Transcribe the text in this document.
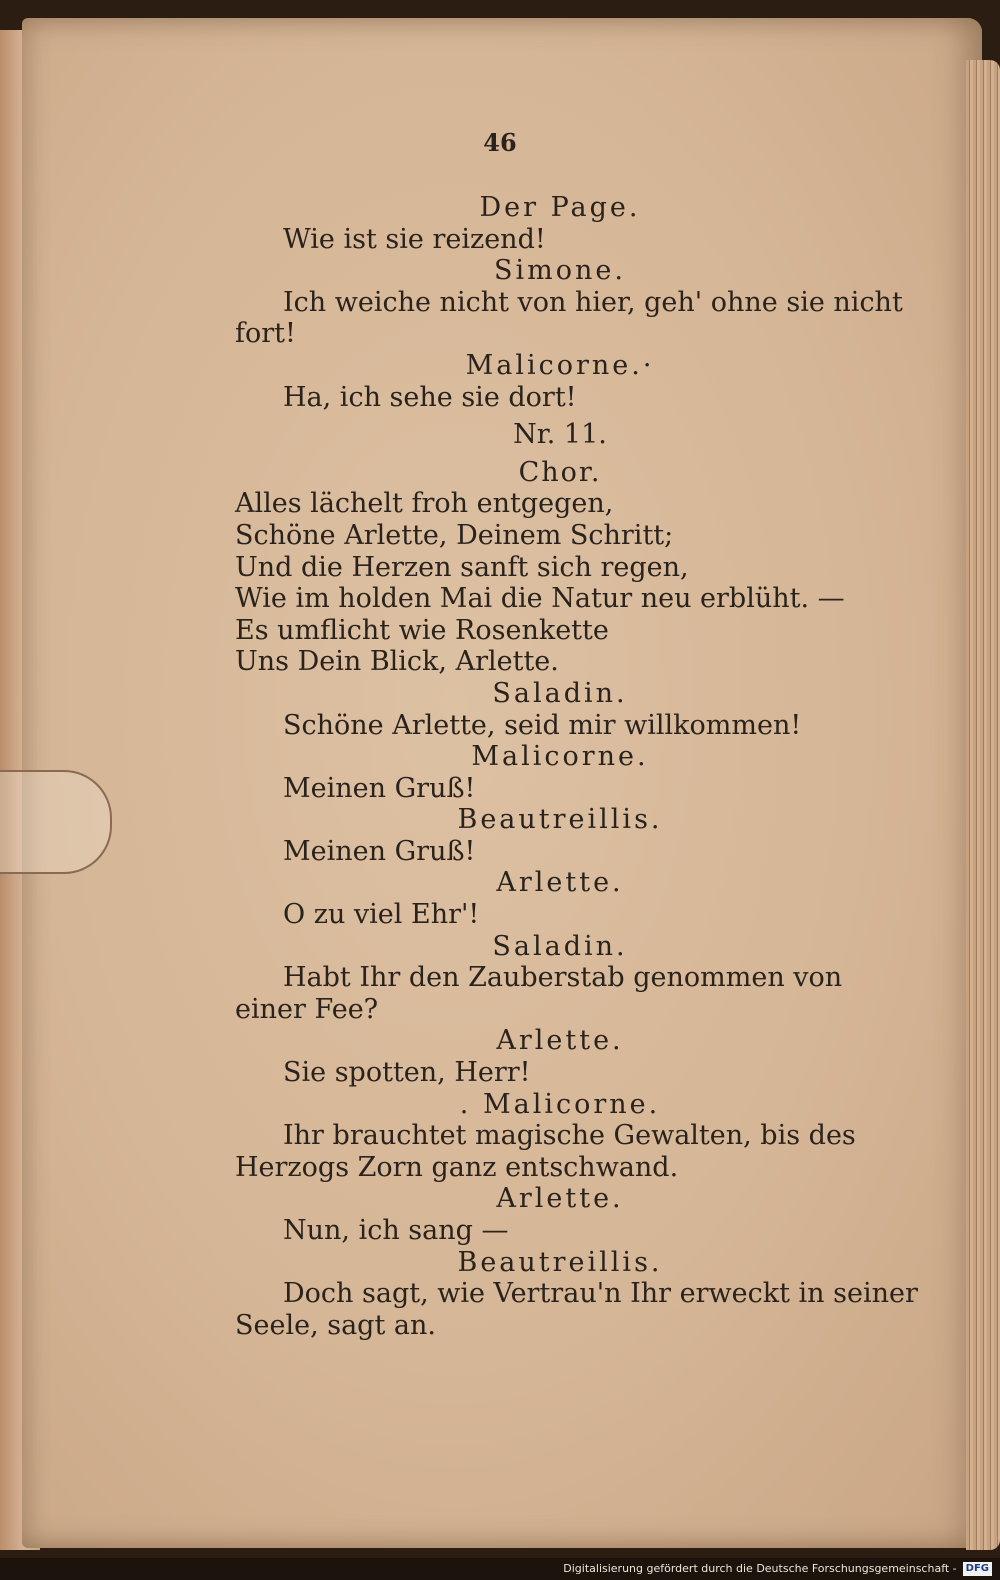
46
Der Page.
Wie ist sie reizend!
Simone.
Ich weiche nicht von hier, geh' ohne sie nicht
fort!
Malicorne.·
Ha, ich sehe sie dort!
Nr. 11.
Chor.
Alles lächelt froh entgegen,
Schöne Arlette, Deinem Schritt;
Und die Herzen sanft sich regen,
Wie im holden Mai die Natur neu erblüht. —
Es umflicht wie Rosenkette
Uns Dein Blick, Arlette.
Saladin.
Schöne Arlette, seid mir willkommen!
Malicorne.
Meinen Gruß!
Beautreillis.
Meinen Gruß!
Arlette.
O zu viel Ehr'!
Saladin.
Habt Ihr den Zauberstab genommen von
einer Fee?
Arlette.
Sie spotten, Herr!
. Malicorne.
Ihr brauchtet magische Gewalten, bis des
Herzogs Zorn ganz entschwand.
Arlette.
Nun, ich sang —
Beautreillis.
Doch sagt, wie Vertrau'n Ihr erweckt in seiner
Seele, sagt an.
Digitalisierung gefördert durch die Deutsche Forschungsgemeinschaft - DFG
